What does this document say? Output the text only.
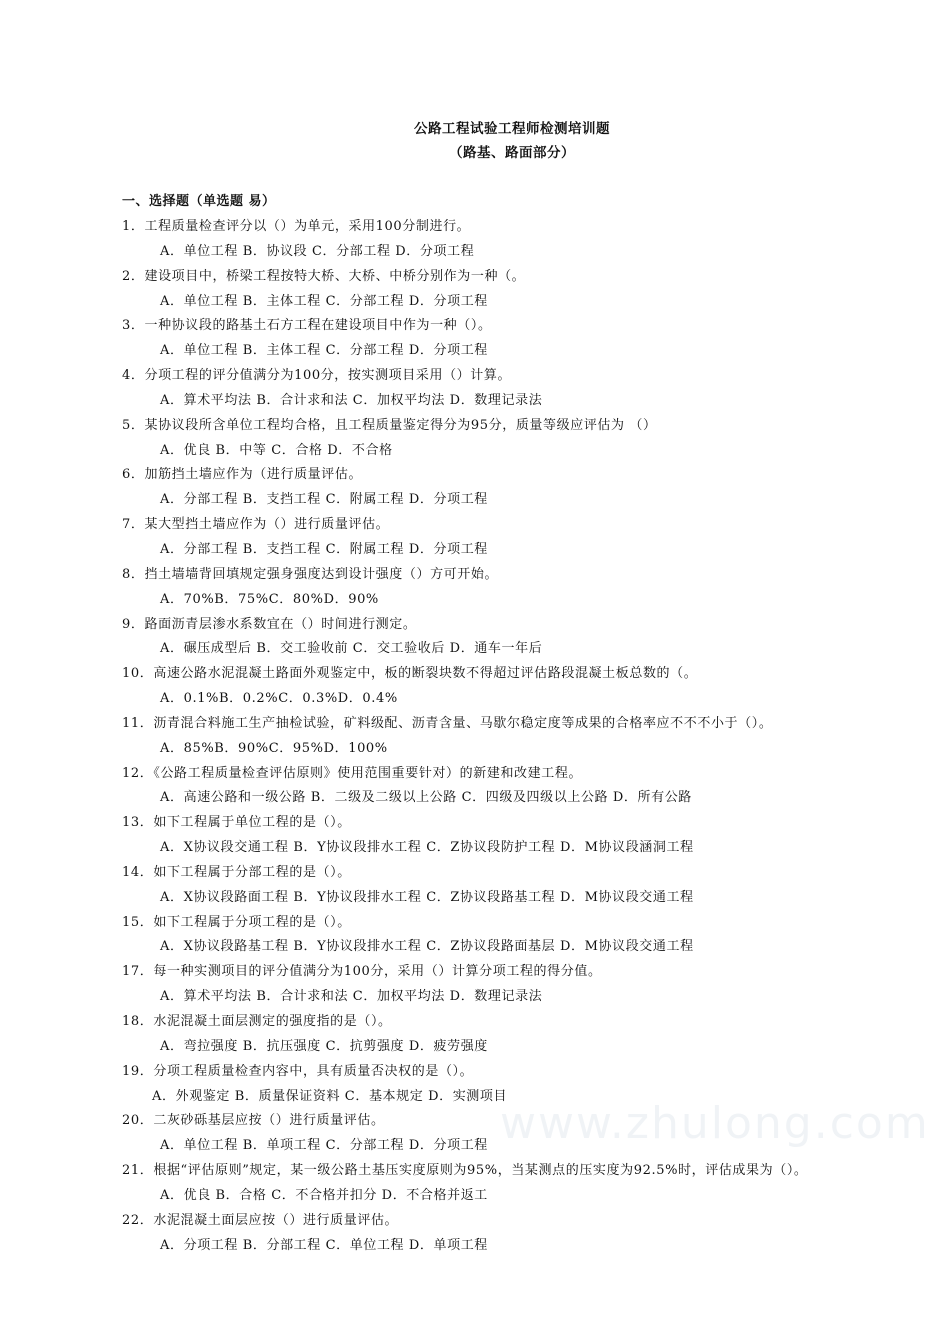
公路工程试验工程师检测培训题
（路基、路面部分）
一、选择题（单选题 易）
1．工程质量检查评分以（）为单元，采用100分制进行。
A．单位工程 B．协议段 C．分部工程 D．分项工程
2．建设项目中，桥梁工程按特大桥、大桥、中桥分别作为一种（。
A．单位工程 B．主体工程 C．分部工程 D．分项工程
3．一种协议段的路基土石方工程在建设项目中作为一种（）。
A．单位工程 B．主体工程 C．分部工程 D．分项工程
4．分项工程的评分值满分为100分，按实测项目采用（）计算。
A．算术平均法 B．合计求和法 C．加权平均法 D．数理记录法
5．某协议段所含单位工程均合格，且工程质量鉴定得分为95分，质量等级应评估为 （）
A．优良 B．中等 C．合格 D．不合格
6．加筋挡土墙应作为（进行质量评估。
A．分部工程 B．支挡工程 C．附属工程 D．分项工程
7．某大型挡土墙应作为（）进行质量评估。
A．分部工程 B．支挡工程 C．附属工程 D．分项工程
8．挡土墙墙背回填规定强身强度达到设计强度（）方可开始。
A．70%B．75%C．80%D．90%
9．路面沥青层渗水系数宜在（）时间进行测定。
A．碾压成型后 B．交工验收前 C．交工验收后 D．通车一年后
10．高速公路水泥混凝土路面外观鉴定中，板的断裂块数不得超过评估路段混凝土板总数的（。
A．0.1%B．0.2%C．0.3%D．0.4%
11．沥青混合料施工生产抽检试验，矿料级配、沥青含量、马歇尔稳定度等成果的合格率应不不不小于（）。
A．85%B．90%C．95%D．100%
12．《公路工程质量检查评估原则》使用范围重要针对）的新建和改建工程。
A．高速公路和一级公路 B．二级及二级以上公路 C．四级及四级以上公路 D．所有公路
13．如下工程属于单位工程的是（）。
A．X协议段交通工程 B．Y协议段排水工程 C．Z协议段防护工程 D．M协议段涵洞工程
14．如下工程属于分部工程的是（）。
A．X协议段路面工程 B．Y协议段排水工程 C．Z协议段路基工程 D．M协议段交通工程
15．如下工程属于分项工程的是（）。
A．X协议段路基工程 B．Y协议段排水工程 C．Z协议段路面基层 D．M协议段交通工程
17．每一种实测项目的评分值满分为100分，采用（）计算分项工程的得分值。
A．算术平均法 B．合计求和法 C．加权平均法 D．数理记录法
18．水泥混凝土面层测定的强度指的是（）。
A．弯拉强度 B．抗压强度 C．抗剪强度 D．疲劳强度
19．分项工程质量检查内容中，具有质量否决权的是（）。
A．外观鉴定 B．质量保证资料 C．基本规定 D．实测项目
20．二灰砂砾基层应按（）进行质量评估。
A．单位工程 B．单项工程 C．分部工程 D．分项工程
21．根据“评估原则”规定，某一级公路土基压实度原则为95%，当某测点的压实度为92.5%时，评估成果为（）。
A．优良 B．合格 C．不合格并扣分 D．不合格并返工
22．水泥混凝土面层应按（）进行质量评估。
A．分项工程 B．分部工程 C．单位工程 D．单项工程
www.zhulong.com
